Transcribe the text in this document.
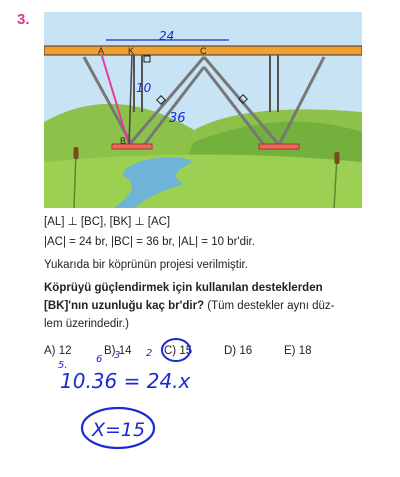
3.
A	K	C
B
24
10
36
[AL] ⊥ [BC], [BK] ⊥ [AC]
|AC| = 24 br, |BC| = 36 br, |AL| = 10 br'dir.
Yukarıda bir köprünün projesi verilmiştir.
Köprüyü güçlendirmek için kullanılan desteklerden
[BK]'nın uzunluğu kaç br'dir? (Tüm destekler aynı düz-
lem üzerindedir.)
A) 12	B) 14	C) 15	D) 16	E) 18
5.
6 3	2
10.36 = 24.x
X=15
